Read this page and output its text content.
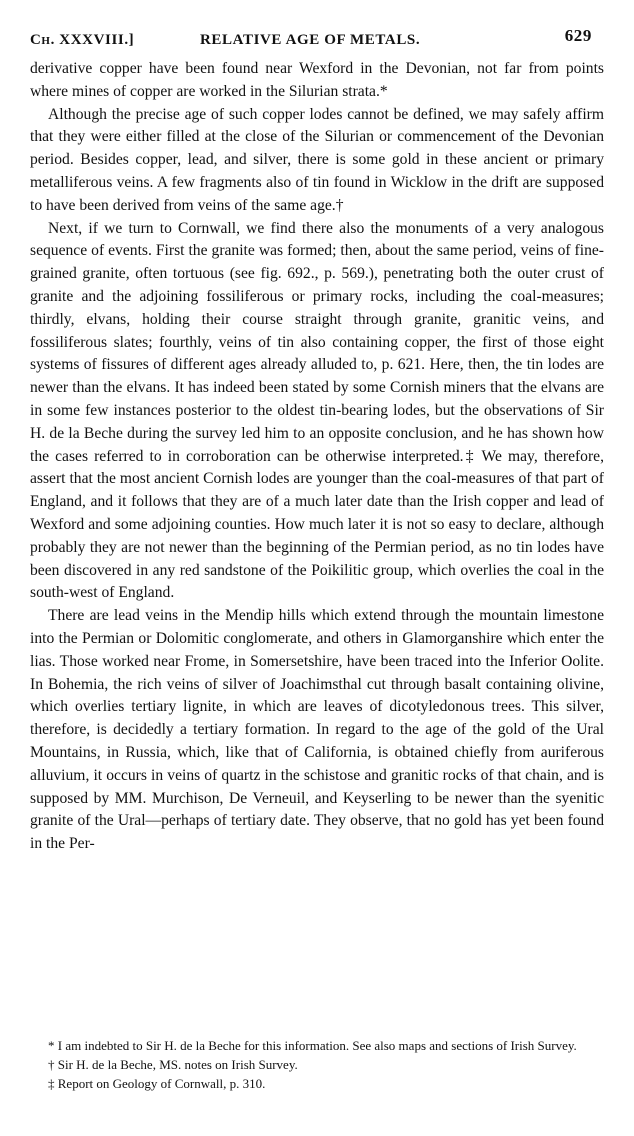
Ch. XXXVIII.]	RELATIVE AGE OF METALS.	629

derivative copper have been found near Wexford in the Devonian, not far from points where mines of copper are worked in the Silurian strata.*

Although the precise age of such copper lodes cannot be defined, we may safely affirm that they were either filled at the close of the Silurian or commencement of the Devonian period. Besides copper, lead, and silver, there is some gold in these ancient or primary metalliferous veins. A few fragments also of tin found in Wicklow in the drift are supposed to have been derived from veins of the same age.†

Next, if we turn to Cornwall, we find there also the monuments of a very analogous sequence of events. First the granite was formed; then, about the same period, veins of fine-grained granite, often tortuous (see fig. 692., p. 569.), penetrating both the outer crust of granite and the adjoining fossiliferous or primary rocks, including the coal-measures; thirdly, elvans, holding their course straight through granite, granitic veins, and fossiliferous slates; fourthly, veins of tin also containing copper, the first of those eight systems of fissures of different ages already alluded to, p. 621. Here, then, the tin lodes are newer than the elvans. It has indeed been stated by some Cornish miners that the elvans are in some few instances posterior to the oldest tin-bearing lodes, but the observations of Sir H. de la Beche during the survey led him to an opposite conclusion, and he has shown how the cases referred to in corroboration can be otherwise interpreted.‡ We may, therefore, assert that the most ancient Cornish lodes are younger than the coal-measures of that part of England, and it follows that they are of a much later date than the Irish copper and lead of Wexford and some adjoining counties. How much later it is not so easy to declare, although probably they are not newer than the beginning of the Permian period, as no tin lodes have been discovered in any red sandstone of the Poikilitic group, which overlies the coal in the south-west of England.

There are lead veins in the Mendip hills which extend through the mountain limestone into the Permian or Dolomitic conglomerate, and others in Glamorganshire which enter the lias. Those worked near Frome, in Somersetshire, have been traced into the Inferior Oolite. In Bohemia, the rich veins of silver of Joachimsthal cut through basalt containing olivine, which overlies tertiary lignite, in which are leaves of dicotyledonous trees. This silver, therefore, is decidedly a tertiary formation. In regard to the age of the gold of the Ural Mountains, in Russia, which, like that of California, is obtained chiefly from auriferous alluvium, it occurs in veins of quartz in the schistose and granitic rocks of that chain, and is supposed by MM. Murchison, De Verneuil, and Keyserling to be newer than the syenitic granite of the Ural—perhaps of tertiary date. They observe, that no gold has yet been found in the Per-

* I am indebted to Sir H. de la Beche for this information. See also maps and sections of Irish Survey.

† Sir H. de la Beche, MS. notes on Irish Survey.

‡ Report on Geology of Cornwall, p. 310.
